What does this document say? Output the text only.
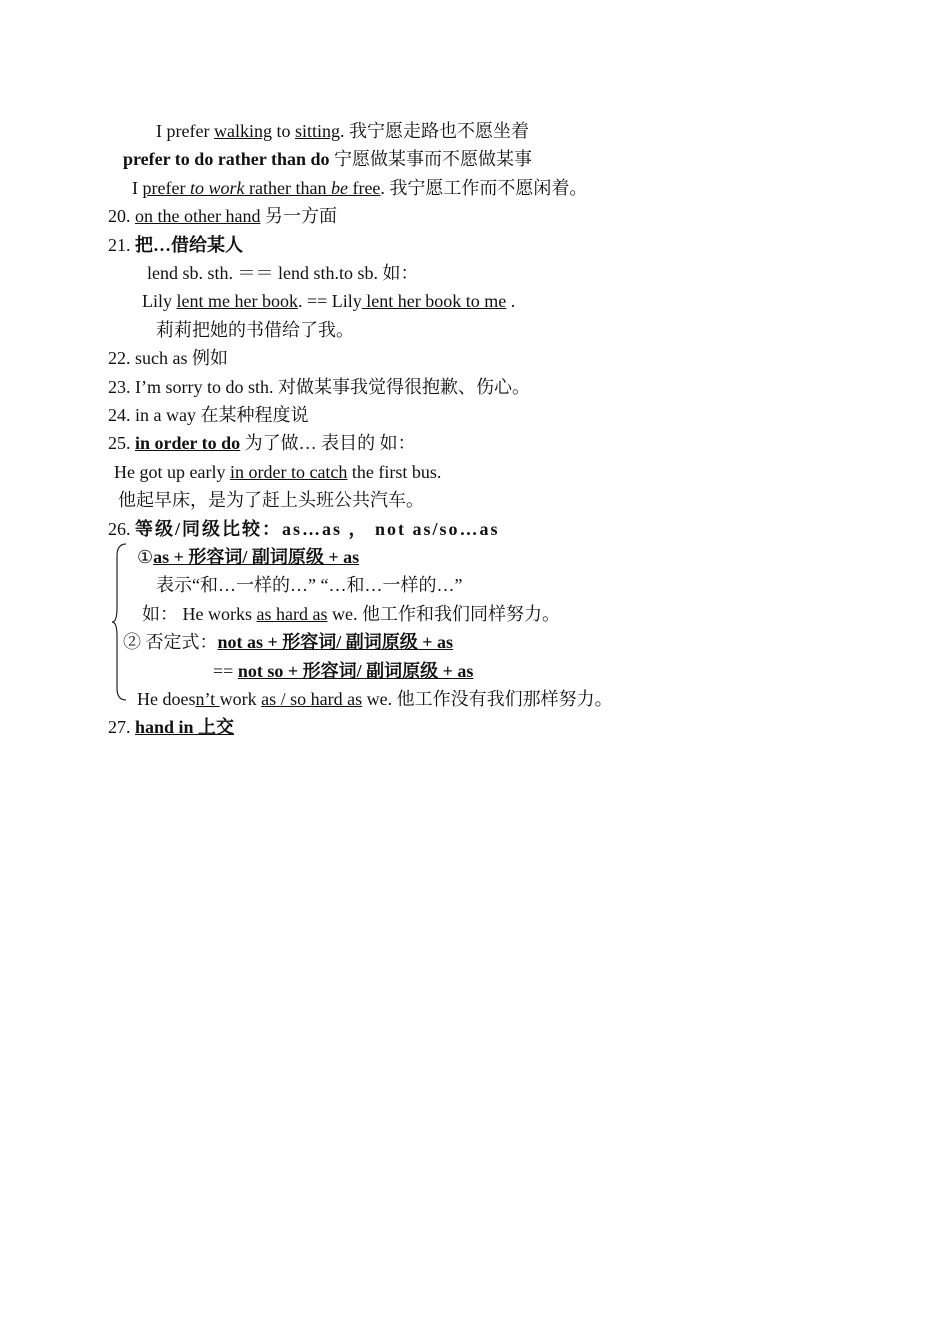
I prefer walking to sitting. 我宁愿走路也不愿坐着
prefer to do rather than do 宁愿做某事而不愿做某事
I prefer to work rather than be free. 我宁愿工作而不愿闲着。
20. on the other hand 另一方面
21. 把…借给某人
lend sb. sth. ＝＝ lend sth.to sb. 如：
Lily lent me her book. == Lily lent her book to me .
莉莉把她的书借给了我。
22. such as 例如
23. I’m sorry to do sth. 对做某事我觉得很抱歉、伤心。
24. in a way 在某种程度说
25. in order to do 为了做… 表目的 如：
He got up early in order to catch the first bus.
他起早床，是为了赶上头班公共汽车。
26. 等级/同级比较：as…as ， not as/so…as
①as + 形容词/ 副词原级 + as
表示“和…一样的…” “…和…一样的…”
如： He works as hard as we. 他工作和我们同样努力。
② 否定式：not as + 形容词/ 副词原级 + as
== not so + 形容词/ 副词原级 + as
He doesn’t work as / so hard as we. 他工作没有我们那样努力。
27. hand in 上交
